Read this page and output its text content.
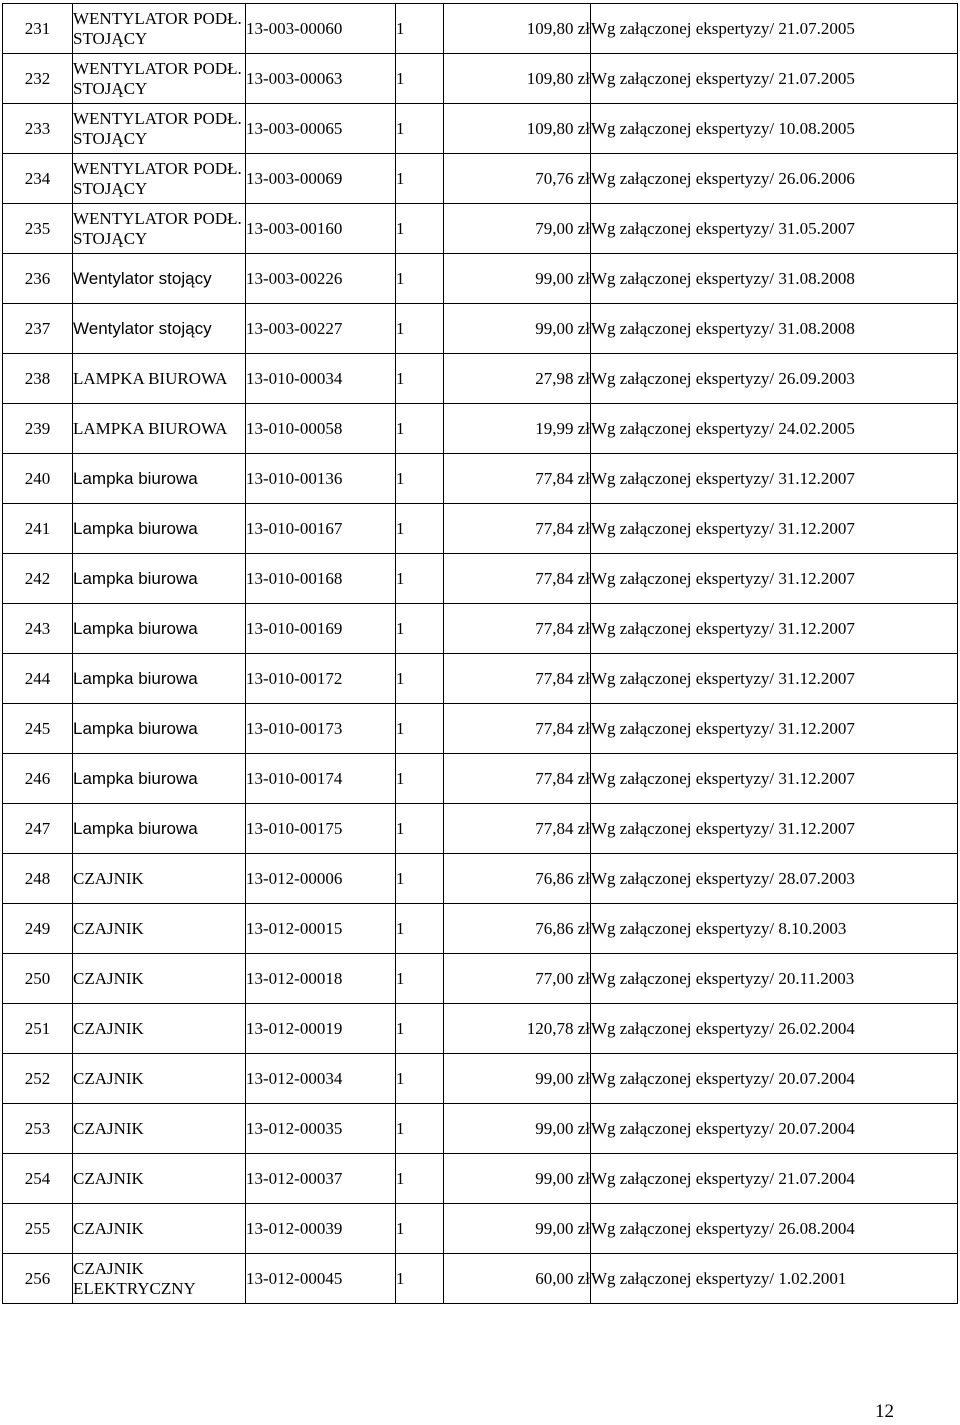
231	WENTYLATOR PODŁ. STOJĄCY	13-003-00060	1	109,80 zł	Wg załączonej ekspertyzy/ 21.07.2005
232	WENTYLATOR PODŁ. STOJĄCY	13-003-00063	1	109,80 zł	Wg załączonej ekspertyzy/ 21.07.2005
233	WENTYLATOR PODŁ. STOJĄCY	13-003-00065	1	109,80 zł	Wg załączonej ekspertyzy/ 10.08.2005
234	WENTYLATOR PODŁ. STOJĄCY	13-003-00069	1	70,76 zł	Wg załączonej ekspertyzy/ 26.06.2006
235	WENTYLATOR PODŁ. STOJĄCY	13-003-00160	1	79,00 zł	Wg załączonej ekspertyzy/ 31.05.2007
236	Wentylator stojący	13-003-00226	1	99,00 zł	Wg załączonej ekspertyzy/ 31.08.2008
237	Wentylator stojący	13-003-00227	1	99,00 zł	Wg załączonej ekspertyzy/ 31.08.2008
238	LAMPKA BIUROWA	13-010-00034	1	27,98 zł	Wg załączonej ekspertyzy/ 26.09.2003
239	LAMPKA BIUROWA	13-010-00058	1	19,99 zł	Wg załączonej ekspertyzy/ 24.02.2005
240	Lampka biurowa	13-010-00136	1	77,84 zł	Wg załączonej ekspertyzy/ 31.12.2007
241	Lampka biurowa	13-010-00167	1	77,84 zł	Wg załączonej ekspertyzy/ 31.12.2007
242	Lampka biurowa	13-010-00168	1	77,84 zł	Wg załączonej ekspertyzy/ 31.12.2007
243	Lampka biurowa	13-010-00169	1	77,84 zł	Wg załączonej ekspertyzy/ 31.12.2007
244	Lampka biurowa	13-010-00172	1	77,84 zł	Wg załączonej ekspertyzy/ 31.12.2007
245	Lampka biurowa	13-010-00173	1	77,84 zł	Wg załączonej ekspertyzy/ 31.12.2007
246	Lampka biurowa	13-010-00174	1	77,84 zł	Wg załączonej ekspertyzy/ 31.12.2007
247	Lampka biurowa	13-010-00175	1	77,84 zł	Wg załączonej ekspertyzy/ 31.12.2007
248	CZAJNIK	13-012-00006	1	76,86 zł	Wg załączonej ekspertyzy/ 28.07.2003
249	CZAJNIK	13-012-00015	1	76,86 zł	Wg załączonej ekspertyzy/ 8.10.2003
250	CZAJNIK	13-012-00018	1	77,00 zł	Wg załączonej ekspertyzy/ 20.11.2003
251	CZAJNIK	13-012-00019	1	120,78 zł	Wg załączonej ekspertyzy/ 26.02.2004
252	CZAJNIK	13-012-00034	1	99,00 zł	Wg załączonej ekspertyzy/ 20.07.2004
253	CZAJNIK	13-012-00035	1	99,00 zł	Wg załączonej ekspertyzy/ 20.07.2004
254	CZAJNIK	13-012-00037	1	99,00 zł	Wg załączonej ekspertyzy/ 21.07.2004
255	CZAJNIK	13-012-00039	1	99,00 zł	Wg załączonej ekspertyzy/ 26.08.2004
256	CZAJNIK ELEKTRYCZNY	13-012-00045	1	60,00 zł	Wg załączonej ekspertyzy/ 1.02.2001
12
